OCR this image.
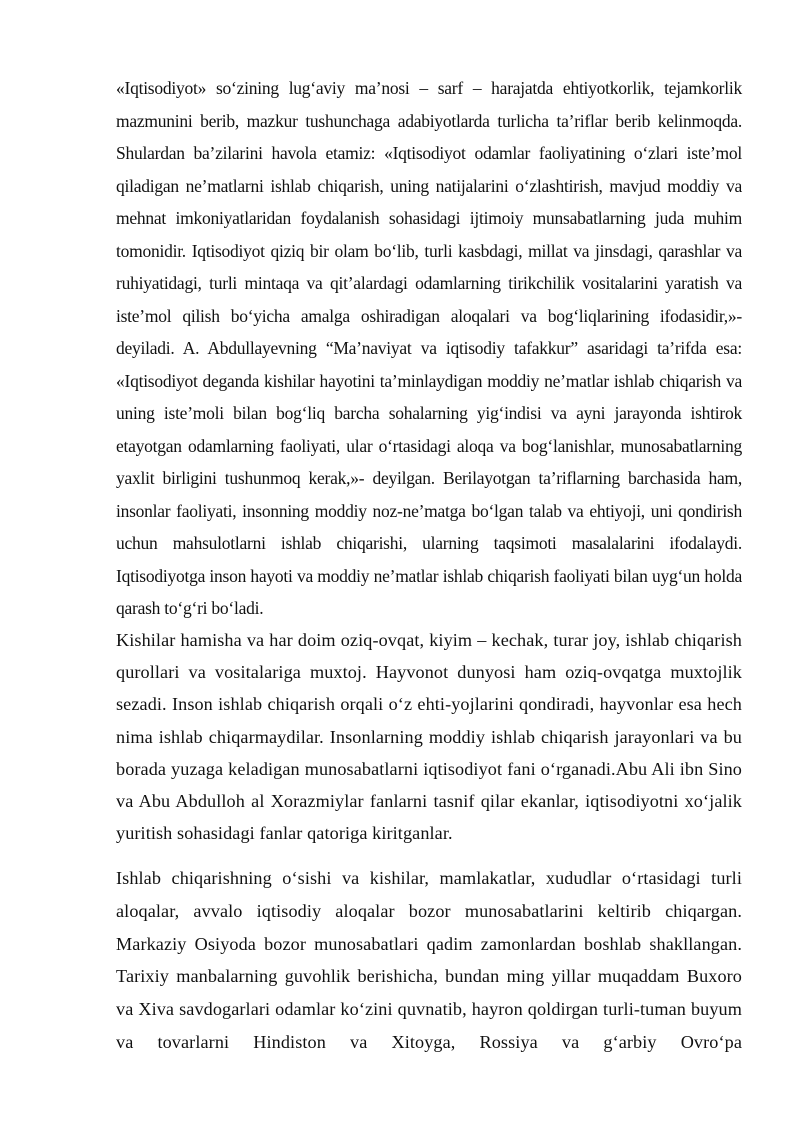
«Iqtisodiyot» so‘zining lug‘aviy ma’nosi – sarf – harajatda ehtiyotkorlik, tejamkorlik mazmunini berib, mazkur tushunchaga adabiyotlarda turlicha ta’riflar berib kelinmoqda. Shulardan ba’zilarini havola etamiz: «Iqtisodiyot odamlar faoliyatining o‘zlari iste’mol qiladigan ne’matlarni ishlab chiqarish, uning natijalarini o‘zlashtirish, mavjud moddiy va mehnat imkoniyatlaridan foydalanish sohasidagi ijtimoiy munsabatlarning juda muhim tomonidir. Iqtisodiyot qiziq bir olam bo‘lib, turli kasbdagi, millat va jinsdagi, qarashlar va ruhiyatidagi, turli mintaqa va qit’alardagi odamlarning tirikchilik vositalarini yaratish va iste’mol qilish bo‘yicha amalga oshiradigan aloqalari va bog‘liqlarining ifodasidir,»- deyiladi. A. Abdullayevning “Ma’naviyat va iqtisodiy tafakkur” asaridagi ta’rifda esa: «Iqtisodiyot deganda kishilar hayotini ta’minlaydigan moddiy ne’matlar ishlab chiqarish va uning iste’moli bilan bog‘liq barcha sohalarning yig‘indisi va ayni jarayonda ishtirok etayotgan odamlarning faoliyati, ular o‘rtasidagi aloqa va bog‘lanishlar, munosabatlarning yaxlit birligini tushunmoq kerak,»- deyilgan. Berilayotgan ta’riflarning barchasida ham, insonlar faoliyati, insonning moddiy noz-ne’matga bo‘lgan talab va ehtiyoji, uni qondirish uchun mahsulotlarni ishlab chiqarishi, ularning taqsimoti masalalarini ifodalaydi. Iqtisodiyotga inson hayoti va moddiy ne’matlar ishlab chiqarish faoliyati bilan uyg‘un holda qarash to‘g‘ri bo‘ladi.

Kishilar hamisha va har doim oziq-ovqat, kiyim – kechak, turar joy, ishlab chiqarish qurollari va vositalariga muxtoj. Hayvonot dunyosi ham oziq-ovqatga muxtojlik sezadi. Inson ishlab chiqarish orqali o‘z ehti-yojlarini qondiradi, hayvonlar esa hech nima ishlab chiqarmaydilar. Insonlarning moddiy ishlab chiqarish jarayonlari va bu borada yuzaga keladigan munosabatlarni iqtisodiyot fani o‘rganadi.Abu Ali ibn Sino va Abu Abdulloh al Xorazmiylar fanlarni tasnif qilar ekanlar, iqtisodiyotni xo‘jalik yuritish sohasidagi fanlar qatoriga kiritganlar.

Ishlab chiqarishning o‘sishi va kishilar, mamlakatlar, xududlar o‘rtasidagi turli aloqalar, avvalo iqtisodiy aloqalar bozor munosabatlarini keltirib chiqargan. Markaziy Osiyoda bozor munosabatlari qadim zamonlardan boshlab shakllangan. Tarixiy manbalarning guvohlik berishicha, bundan ming yillar muqaddam Buxoro va Xiva savdogarlari odamlar ko‘zini quvnatib, hayron qoldirgan turli-tuman buyum va tovarlarni Hindiston va Xitoyga, Rossiya va g‘arbiy Ovro‘pa
